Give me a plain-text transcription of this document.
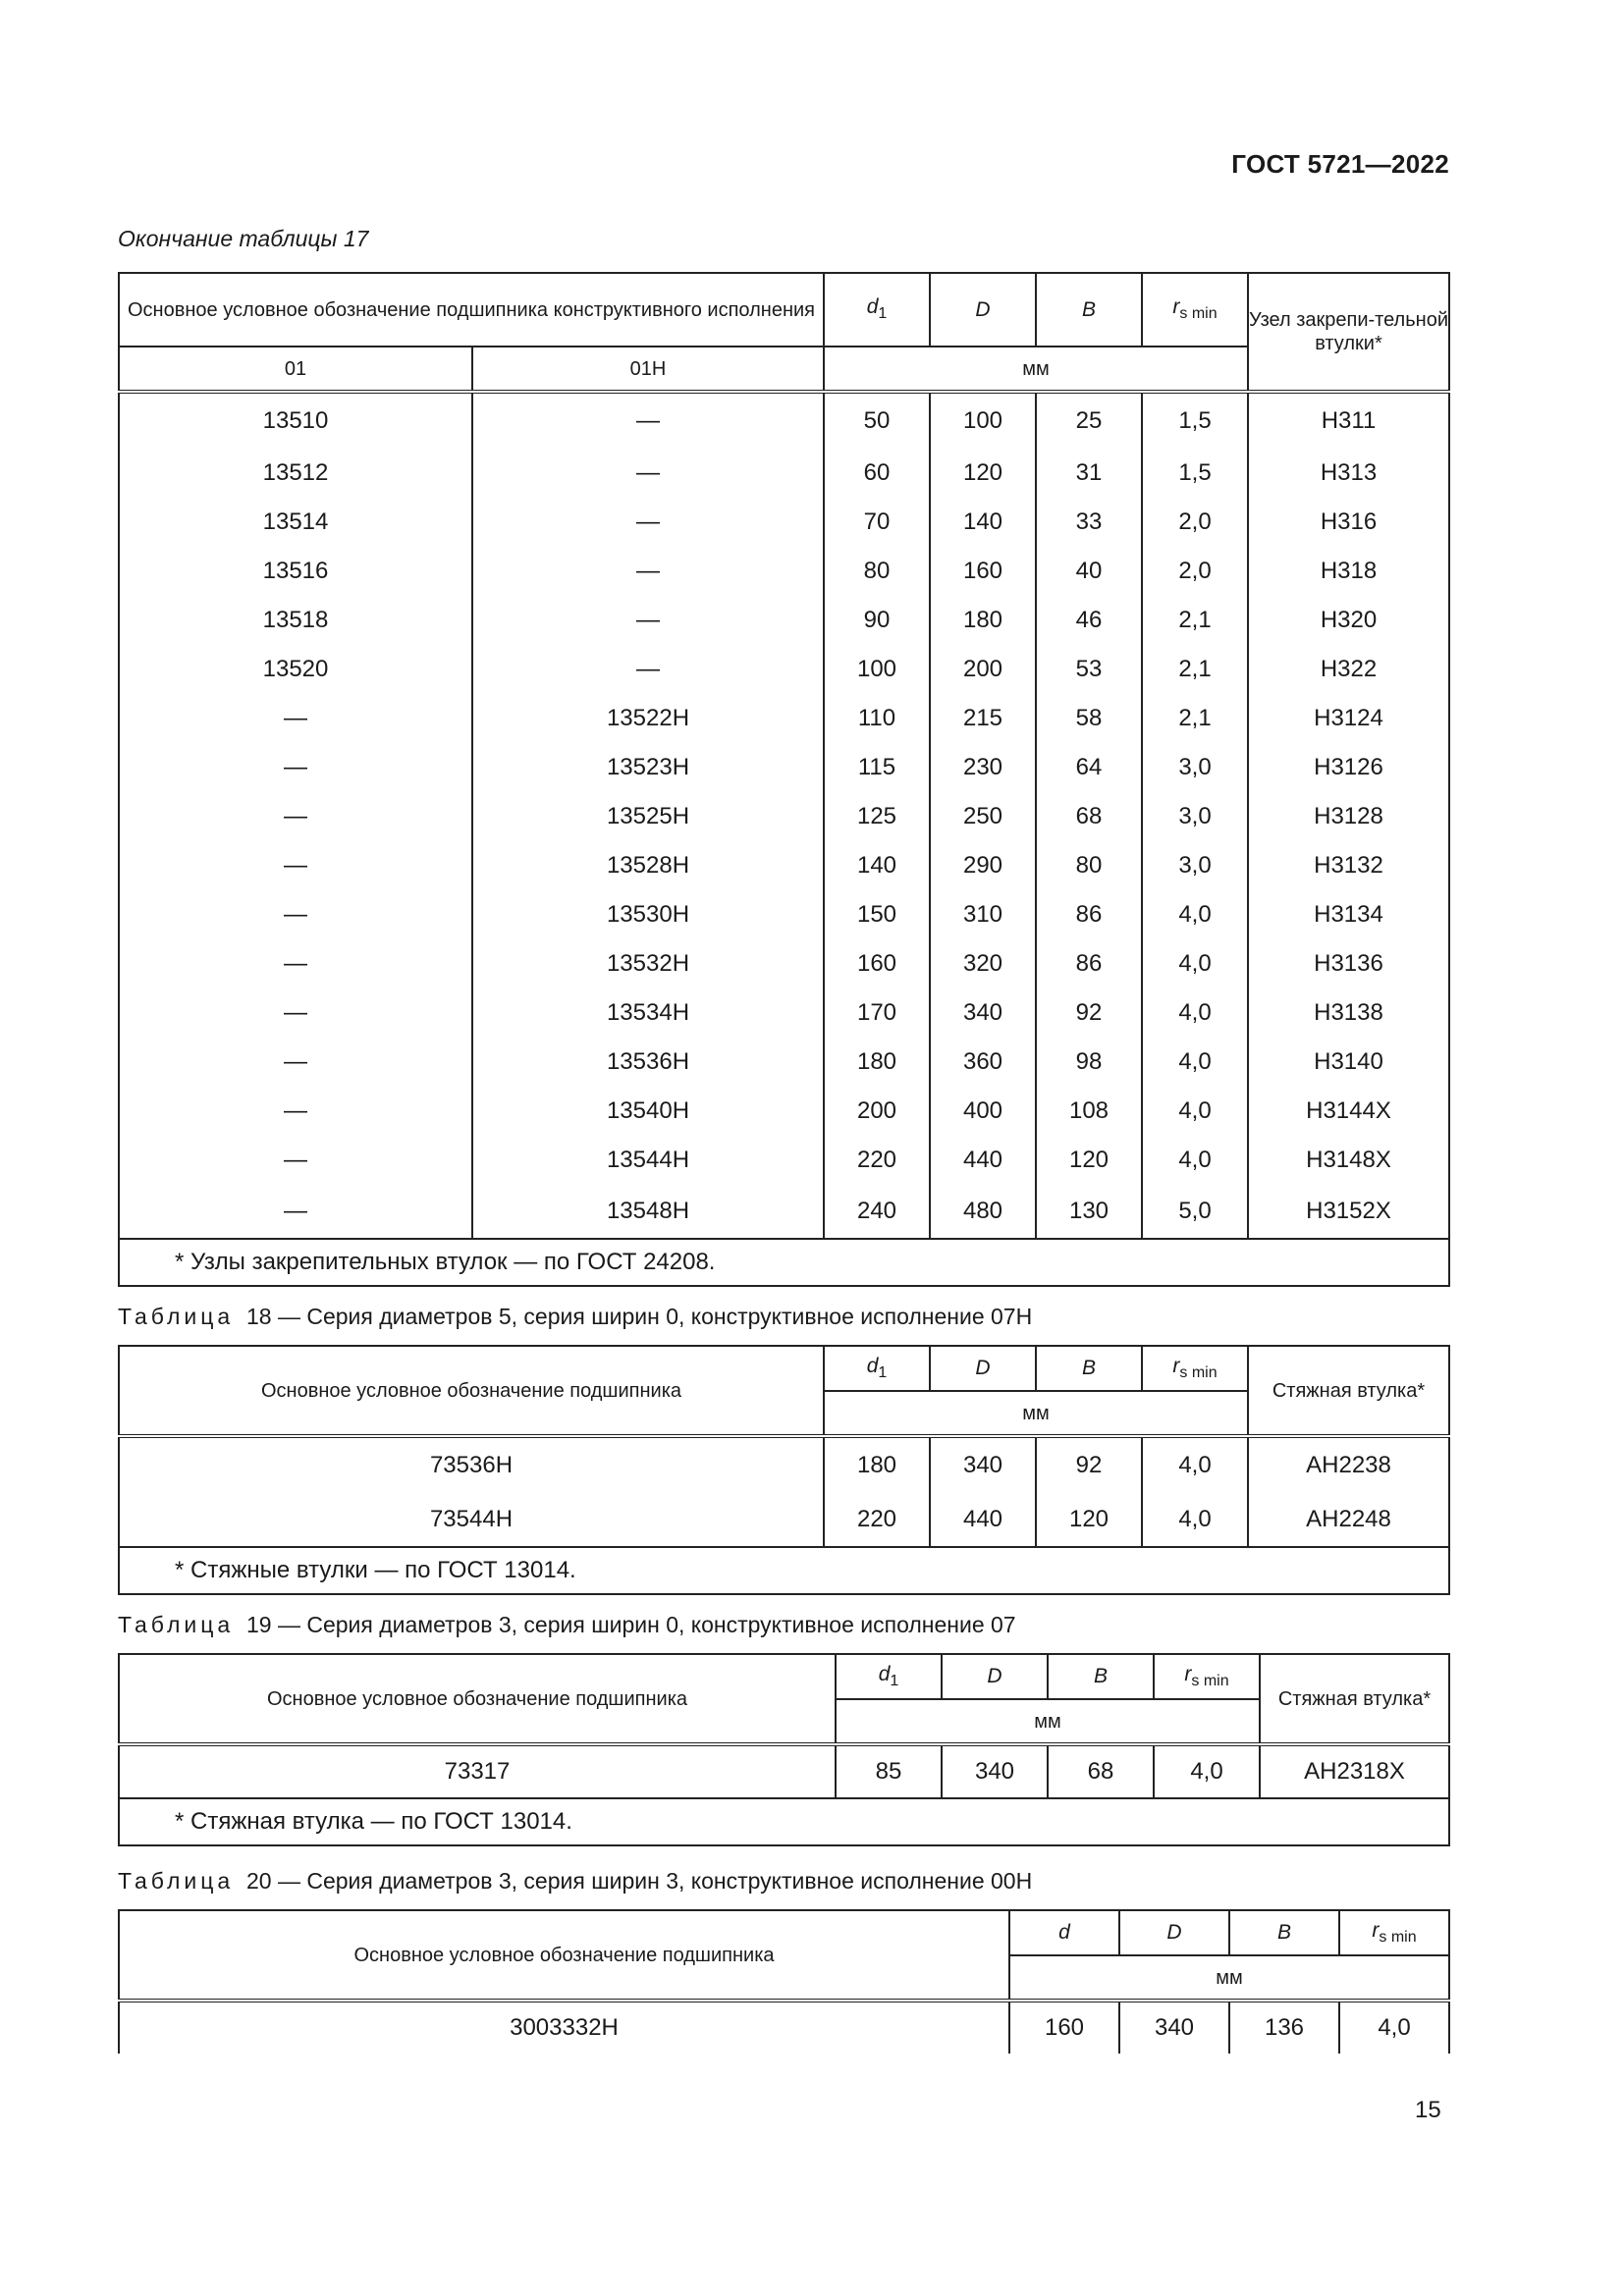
ГОСТ 5721—2022
Окончание таблицы 17
Основное условное обозначение подшипника конструктивного исполнения		$d_1$	D	B	$r_{s min}$	Узел закрепи-тельной втулки*
01	01Н	мм				
13510	—	50	100	25	1,5	Н311
13512	—	60	120	31	1,5	Н313
13514	—	70	140	33	2,0	Н316
13516	—	80	160	40	2,0	Н318
13518	—	90	180	46	2,1	Н320
13520	—	100	200	53	2,1	Н322
—	13522Н	110	215	58	2,1	Н3124
—	13523Н	115	230	64	3,0	Н3126
—	13525Н	125	250	68	3,0	Н3128
—	13528Н	140	290	80	3,0	Н3132
—	13530Н	150	310	86	4,0	Н3134
—	13532Н	160	320	86	4,0	Н3136
—	13534Н	170	340	92	4,0	Н3138
—	13536Н	180	360	98	4,0	Н3140
—	13540Н	200	400	108	4,0	Н3144Х
—	13544Н	220	440	120	4,0	Н3148Х
—	13548Н	240	480	130	5,0	Н3152Х
* Узлы закрепительных втулок — по ГОСТ 24208.						
Таблица 18 — Серия диаметров 5, серия ширин 0, конструктивное исполнение 07Н
Основное условное обозначение подшипника	$d_1$	D	B	$r_{s min}$	Стяжная втулка*
	мм				
73536Н	180	340	92	4,0	АН2238
73544Н	220	440	120	4,0	АН2248
* Стяжные втулки — по ГОСТ 13014.					
Таблица 19 — Серия диаметров 3, серия ширин 0, конструктивное исполнение 07
Основное условное обозначение подшипника	$d_1$	D	B	$r_{s min}$	Стяжная втулка*
	мм				
73317	85	340	68	4,0	АН2318Х
* Стяжная втулка — по ГОСТ 13014.					
Таблица 20 — Серия диаметров 3, серия ширин 3, конструктивное исполнение 00Н
Основное условное обозначение подшипника	d	D	B	$r_{s min}$
	мм			
3003332Н	160	340	136	4,0
15
